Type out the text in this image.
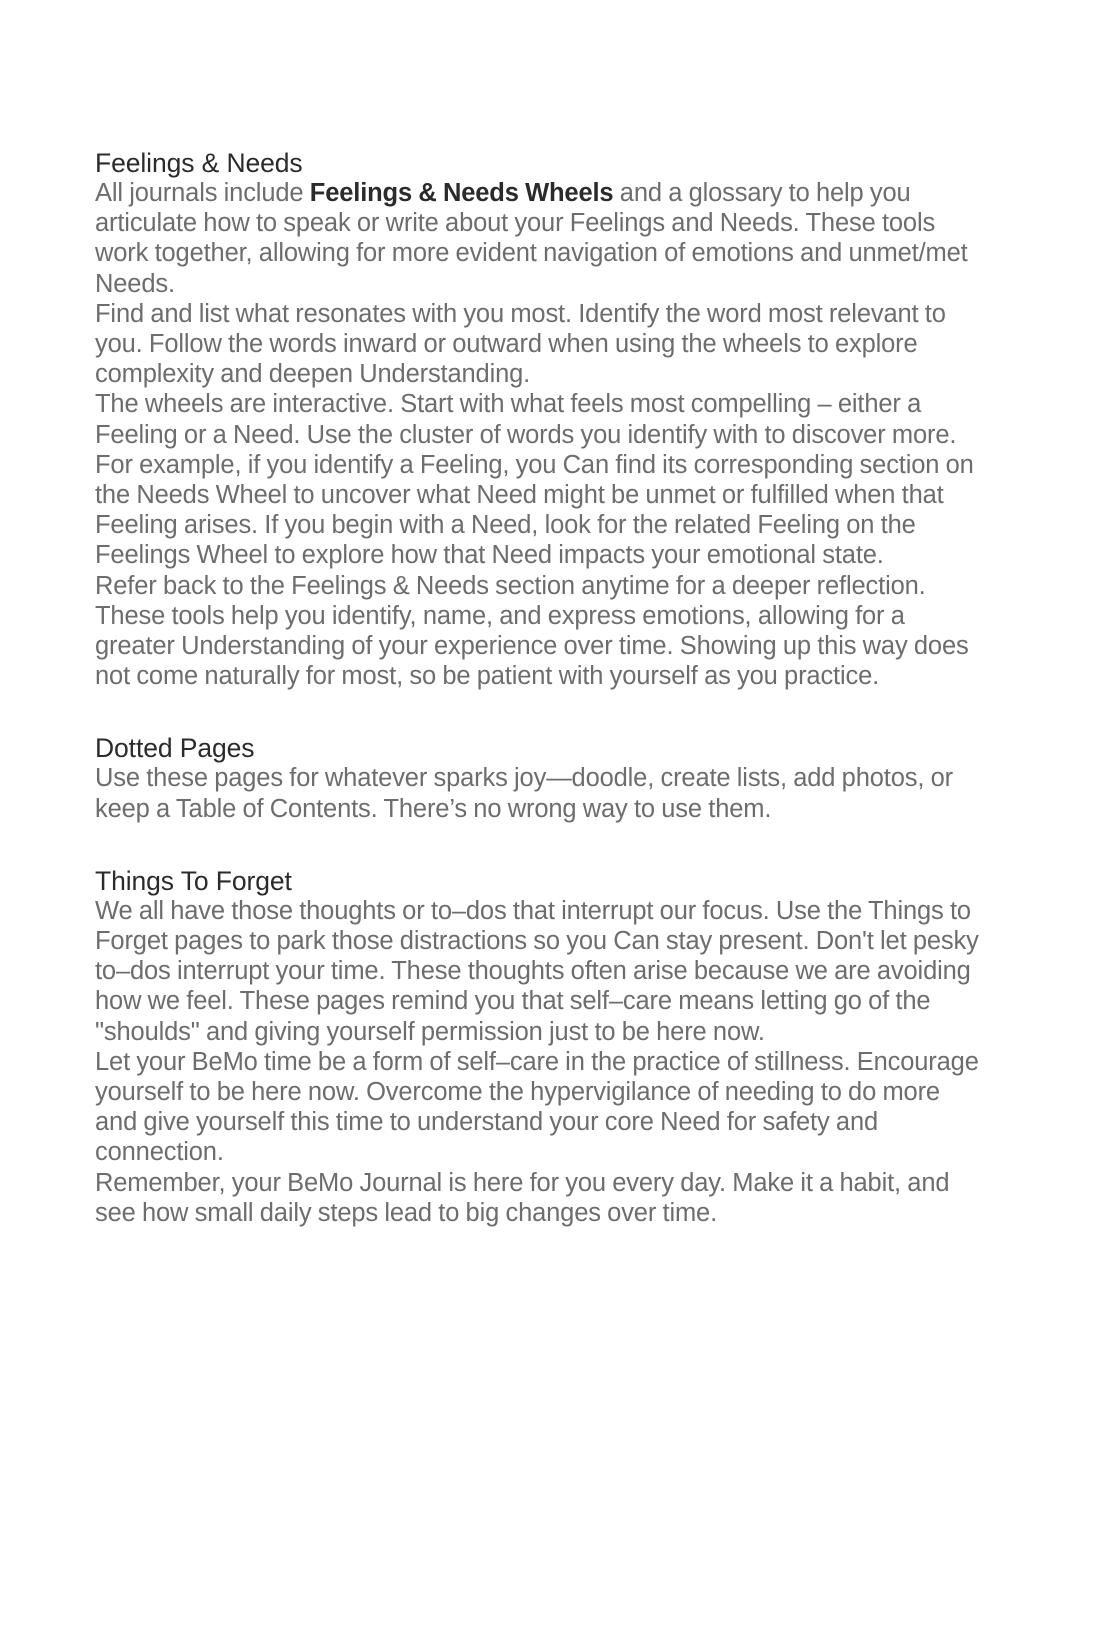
Feelings & Needs

All journals include Feelings & Needs Wheels and a glossary to help you articulate how to speak or write about your Feelings and Needs. These tools work together, allowing for more evident navigation of emotions and unmet/met Needs.

Find and list what resonates with you most. Identify the word most relevant to you. Follow the words inward or outward when using the wheels to explore complexity and deepen Understanding.

The wheels are interactive. Start with what feels most compelling – either a Feeling or a Need. Use the cluster of words you identify with to discover more. For example, if you identify a Feeling, you Can find its corresponding section on the Needs Wheel to uncover what Need might be unmet or fulfilled when that Feeling arises. If you begin with a Need, look for the related Feeling on the Feelings Wheel to explore how that Need impacts your emotional state.

Refer back to the Feelings & Needs section anytime for a deeper reflection. These tools help you identify, name, and express emotions, allowing for a greater Understanding of your experience over time. Showing up this way does not come naturally for most, so be patient with yourself as you practice.

Dotted Pages

Use these pages for whatever sparks joy—doodle, create lists, add photos, or keep a Table of Contents. There’s no wrong way to use them.

Things To Forget

We all have those thoughts or to–dos that interrupt our focus. Use the Things to Forget pages to park those distractions so you Can stay present. Don't let pesky to–dos interrupt your time. These thoughts often arise because we are avoiding how we feel. These pages remind you that self–care means letting go of the "shoulds" and giving yourself permission just to be here now.

Let your BeMo time be a form of self–care in the practice of stillness. Encourage yourself to be here now. Overcome the hypervigilance of needing to do more and give yourself this time to understand your core Need for safety and connection.

Remember, your BeMo Journal is here for you every day. Make it a habit, and see how small daily steps lead to big changes over time.
